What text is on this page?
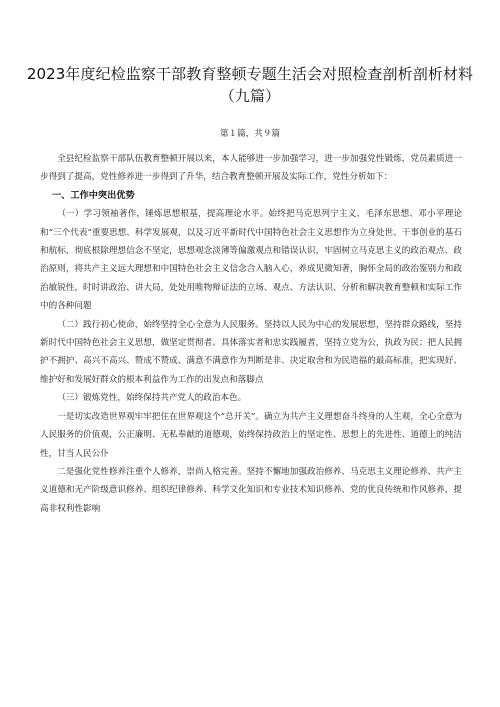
2023年度纪检监察干部教育整顿专题生活会对照检查剖析剖析材料（九篇）
第１篇，共９篇

全县纪检监察干部队伍教育整顿开展以来，本人能够进一步加强学习，进一步加强党性锻炼，党员素质进一步得到了提高，党性修养进一步得到了升华，结合教育整顿开展及实际工作，党性分析如下：

一、工作中突出优势

（一）学习领袖著作，锤炼思想根基，提高理论水平。始终把马克思列宁主义、毛泽东思想、邓小平理论和“三个代表”重要思想、科学发展观，以及习近平新时代中国特色社会主义思想作为立身处世、干事创业的基石和航标，彻底根除理想信念不坚定，思想观念淡薄等偏激观点和错误认识，牢固树立马克思主义的政治观点、政治原则，将共产主义远大理想和中国特色社会主义信念合入脑入心，养成见微知著，胸怀全局的政治鉴别力和政治敏锐性，时时讲政治、讲大局，处处用唯物辩证法的立场、观点、方法认识、分析和解决教育整顿和实际工作中的各种问题

（二）践行初心使命，始终坚持全心全意为人民服务。坚持以人民为中心的发展思想，坚持群众路线，坚持新时代中国特色社会主义思想，做坚定贯彻者、具体落实者和忠实践履者，坚持立党为公，执政为民；把人民拥护不拥护、高兴不高兴、赞成不赞成、满意不满意作为判断是非、决定取舍和为民造福的最高标准，把实现好、维护好和发展好群众的根本利益作为工作的出发点和落脚点

（三）锻炼党性，始终保持共产党人的政治本色。

一是切实改造世界观牢牢把住在世界观这个”总开关”。确立为共产主义理想奋斗终身的人生观，全心全意为人民服务的价值观，公正廉明、无私奉献的道德观，始终保持政治上的坚定性、思想上的先进性、道德上的纯洁性，甘当人民公仆

二是强化党性修养注重个人修养，崇尚人格完善。坚持不懈地加强政治修养、马克思主义理论修养、共产主义道德和无产阶级意识修养、组织纪律修养、科学文化知识和专业技术知识修养、党的优良传统和作风修养，提高非权利性影响
